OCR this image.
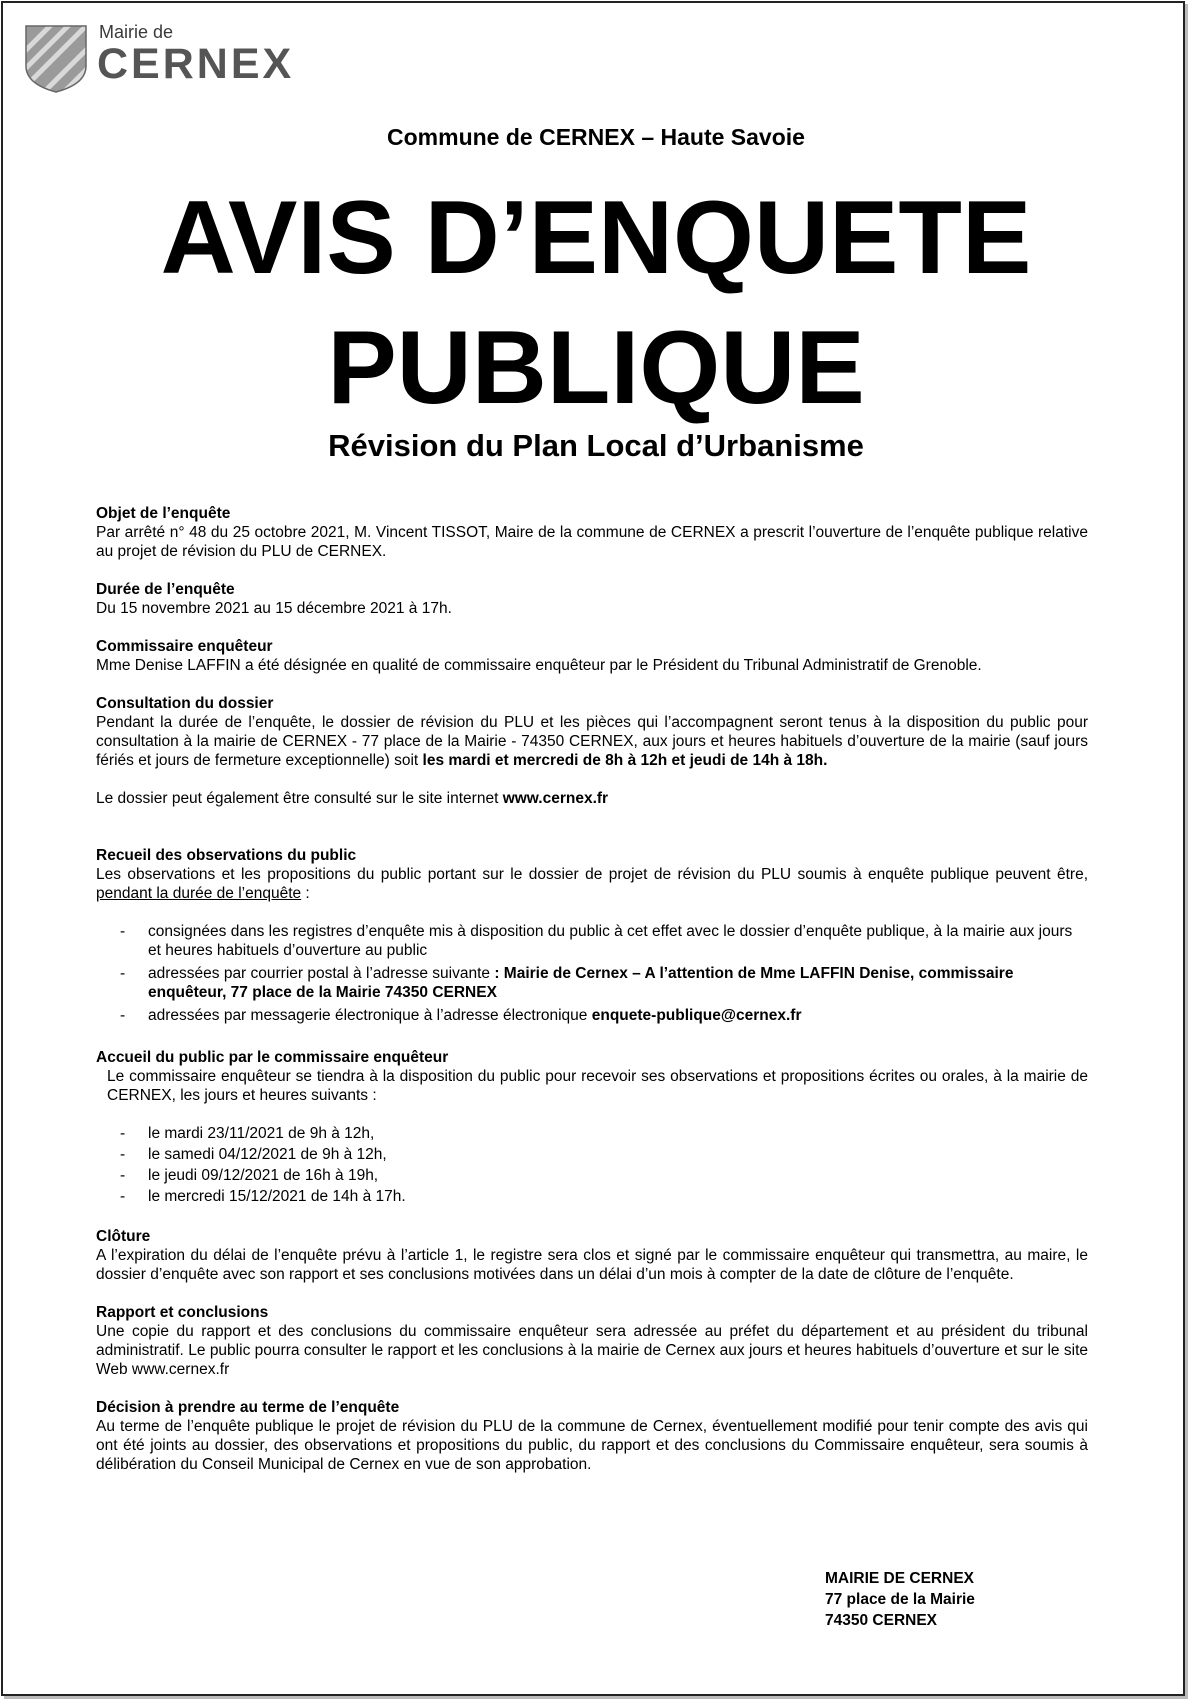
Mairie de
CERNEX
Commune de CERNEX – Haute Savoie
AVIS D’ENQUETE
PUBLIQUE
Révision du Plan Local d’Urbanisme
Objet de l’enquête

Par arrêté n° 48 du 25 octobre 2021, M. Vincent TISSOT, Maire de la commune de CERNEX a prescrit l’ouverture de l’enquête publique relative au projet de révision du PLU de CERNEX.

Durée de l’enquête

Du 15 novembre 2021 au 15 décembre 2021 à 17h.

Commissaire enquêteur

Mme Denise LAFFIN a été désignée en qualité de commissaire enquêteur par le Président du Tribunal Administratif de Grenoble.

Consultation du dossier

Pendant la durée de l’enquête, le dossier de révision du PLU et les pièces qui l’accompagnent seront tenus à la disposition du public pour consultation à la mairie de CERNEX - 77 place de la Mairie - 74350 CERNEX, aux jours et heures habituels d’ouverture de la mairie (sauf jours fériés et jours de fermeture exceptionnelle) soit les mardi et mercredi de 8h à 12h et jeudi de 14h à 18h.

Le dossier peut également être consulté sur le site internet www.cernex.fr

Recueil des observations du public

Les observations et les propositions du public portant sur le dossier de projet de révision du PLU soumis à enquête publique peuvent être, pendant la durée de l’enquête :

- consignées dans les registres d’enquête mis à disposition du public à cet effet avec le dossier d’enquête publique, à la mairie aux jours et heures habituels d’ouverture au public
- adressées par courrier postal à l’adresse suivante : Mairie de Cernex – A l’attention de Mme LAFFIN Denise, commissaire enquêteur, 77 place de la Mairie 74350 CERNEX
- adressées par messagerie électronique à l’adresse électronique enquete-publique@cernex.fr
Accueil du public par le commissaire enquêteur

Le commissaire enquêteur se tiendra à la disposition du public pour recevoir ses observations et propositions écrites ou orales, à la mairie de CERNEX, les jours et heures suivants :

- le mardi 23/11/2021 de 9h à 12h,
- le samedi 04/12/2021 de 9h à 12h,
- le jeudi 09/12/2021 de 16h à 19h,
- le mercredi 15/12/2021 de 14h à 17h.
Clôture

A l’expiration du délai de l’enquête prévu à l’article 1, le registre sera clos et signé par le commissaire enquêteur qui transmettra, au maire, le dossier d’enquête avec son rapport et ses conclusions motivées dans un délai d’un mois à compter de la date de clôture de l’enquête.

Rapport et conclusions

Une copie du rapport et des conclusions du commissaire enquêteur sera adressée au préfet du département et au président du tribunal administratif. Le public pourra consulter le rapport et les conclusions à la mairie de Cernex aux jours et heures habituels d’ouverture et sur le site Web www.cernex.fr

Décision à prendre au terme de l’enquête

Au terme de l’enquête publique le projet de révision du PLU de la commune de Cernex, éventuellement modifié pour tenir compte des avis qui ont été joints au dossier, des observations et propositions du public, du rapport et des conclusions du Commissaire enquêteur, sera soumis à délibération du Conseil Municipal de Cernex en vue de son approbation.

MAIRIE DE CERNEX
77 place de la Mairie
74350 CERNEX
